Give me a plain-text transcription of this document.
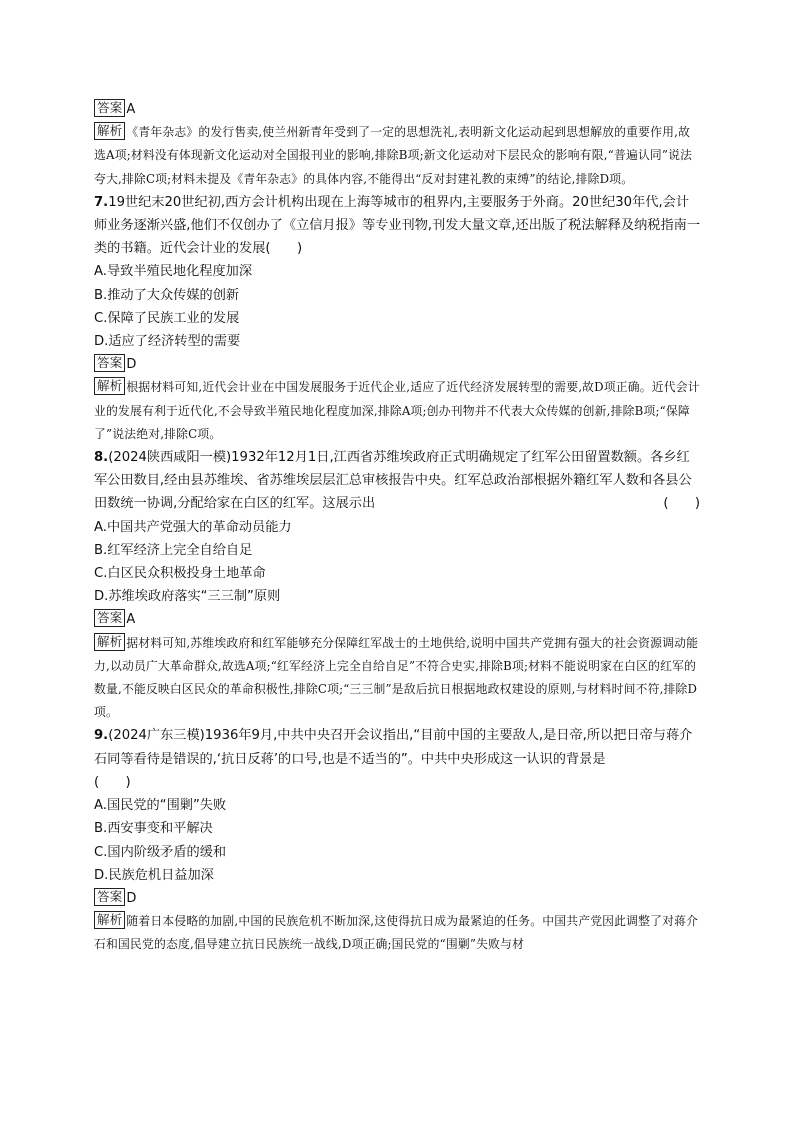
答案 A

解析 《青年杂志》的发行售卖,使兰州新青年受到了一定的思想洗礼,表明新文化运动起到思想解放的重要作用,故选A项;材料没有体现新文化运动对全国报刊业的影响,排除B项;新文化运动对下层民众的影响有限,“普遍认同”说法夸大,排除C项;材料未提及《青年杂志》的具体内容,不能得出“反对封建礼教的束缚”的结论,排除D项。

7.19世纪末20世纪初,西方会计机构出现在上海等城市的租界内,主要服务于外商。20世纪30年代,会计师业务逐渐兴盛,他们不仅创办了《立信月报》等专业刊物,刊发大量文章,还出版了税法解释及纳税指南一类的书籍。近代会计业的发展(　　)

A.导致半殖民地化程度加深

B.推动了大众传媒的创新

C.保障了民族工业的发展

D.适应了经济转型的需要

答案 D

解析 根据材料可知,近代会计业在中国发展服务于近代企业,适应了近代经济发展转型的需要,故D项正确。近代会计业的发展有利于近代化,不会导致半殖民地化程度加深,排除A项;创办刊物并不代表大众传媒的创新,排除B项;“保障了”说法绝对,排除C项。

8.(2024陕西咸阳一模)1932年12月1日,江西省苏维埃政府正式明确规定了红军公田留置数额。各乡红军公田数目,经由县苏维埃、省苏维埃层层汇总审核报告中央。红军总政治部根据外籍红军人数和各县公田数统一协调,分配给家在白区的红军。这展示出	(　　)

A.中国共产党强大的革命动员能力

B.红军经济上完全自给自足

C.白区民众积极投身土地革命

D.苏维埃政府落实“三三制”原则

答案 A

解析 据材料可知,苏维埃政府和红军能够充分保障红军战士的土地供给,说明中国共产党拥有强大的社会资源调动能力,以动员广大革命群众,故选A项;“红军经济上完全自给自足”不符合史实,排除B项;材料不能说明家在白区的红军的数量,不能反映白区民众的革命积极性,排除C项;“三三制”是敌后抗日根据地政权建设的原则,与材料时间不符,排除D项。

9.(2024广东三模)1936年9月,中共中央召开会议指出,“目前中国的主要敌人,是日帝,所以把日帝与蒋介石同等看待是错误的,‘抗日反蒋’的口号,也是不适当的”。中共中央形成这一认识的背景是

(　　)

A.国民党的“围剿”失败

B.西安事变和平解决

C.国内阶级矛盾的缓和

D.民族危机日益加深

答案 D

解析 随着日本侵略的加剧,中国的民族危机不断加深,这使得抗日成为最紧迫的任务。中国共产党因此调整了对蒋介石和国民党的态度,倡导建立抗日民族统一战线,D项正确;国民党的“围剿”失败与材
